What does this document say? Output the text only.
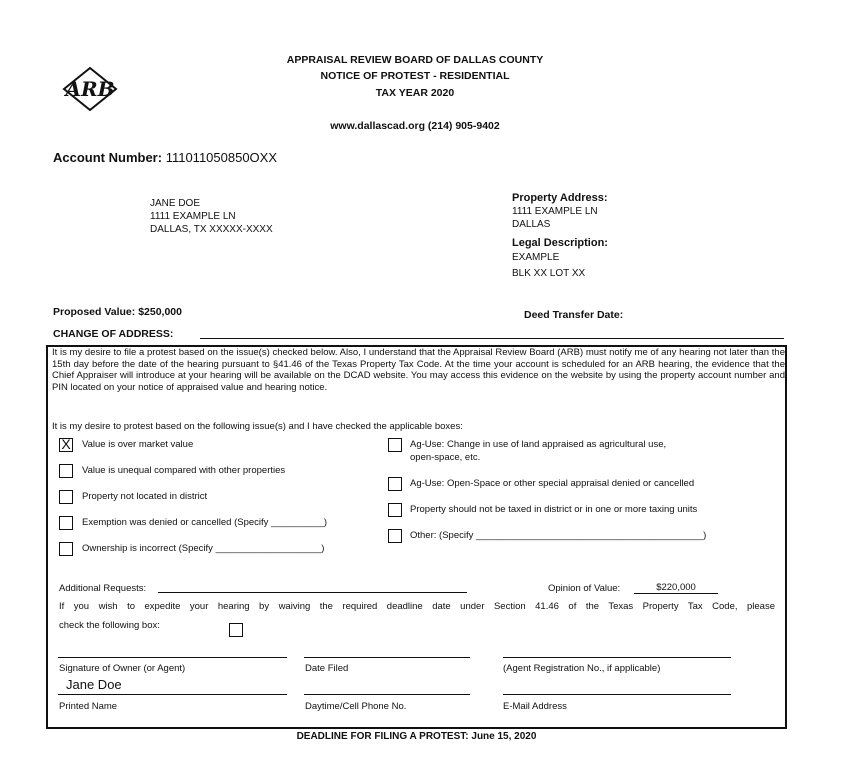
ARB
APPRAISAL REVIEW BOARD OF DALLAS COUNTY
NOTICE OF PROTEST - RESIDENTIAL
TAX YEAR 2020
www.dallascad.org (214) 905-9402
Account Number: 111011050850OXX
JANE DOE
1111 EXAMPLE LN
DALLAS, TX XXXXX-XXXX
Property Address:
1111 EXAMPLE LN
DALLAS
Legal Description:
EXAMPLE
BLK XX LOT XX
Proposed Value: $250,000	Deed Transfer Date:
CHANGE OF ADDRESS:
It is my desire to file a protest based on the issue(s) checked below. Also, I understand that the Appraisal Review Board (ARB) must notify me of any hearing not later than the 15th day before the date of the hearing pursuant to §41.46 of the Texas Property Tax Code. At the time your account is scheduled for an ARB hearing, the evidence that the Chief Appraiser will introduce at your hearing will be available on the DCAD website. You may access this evidence on the website by using the property account number and PIN located on your notice of appraised value and hearing notice.
It is my desire to protest based on the following issue(s) and I have checked the applicable boxes:
X Value is over market value
Value is unequal compared with other properties
Property not located in district
Exemption was denied or cancelled (Specify __________)
Ownership is incorrect (Specify ____________________)
Ag-Use: Change in use of land appraised as agricultural use,
open-space, etc.
Ag-Use: Open-Space or other special appraisal denied or cancelled
Property should not be taxed in district or in one or more taxing units
Other: (Specify ___________________________________________)
Additional Requests:	Opinion of Value:	$220,000
If you wish to expedite your hearing by waiving the required deadline date under Section 41.46 of the Texas Property Tax Code, please
check the following box:
Signature of Owner (or Agent)	Date Filed	(Agent Registration No., if applicable)
Jane Doe
Printed Name	Daytime/Cell Phone No.	E-Mail Address
DEADLINE FOR FILING A PROTEST: June 15, 2020
